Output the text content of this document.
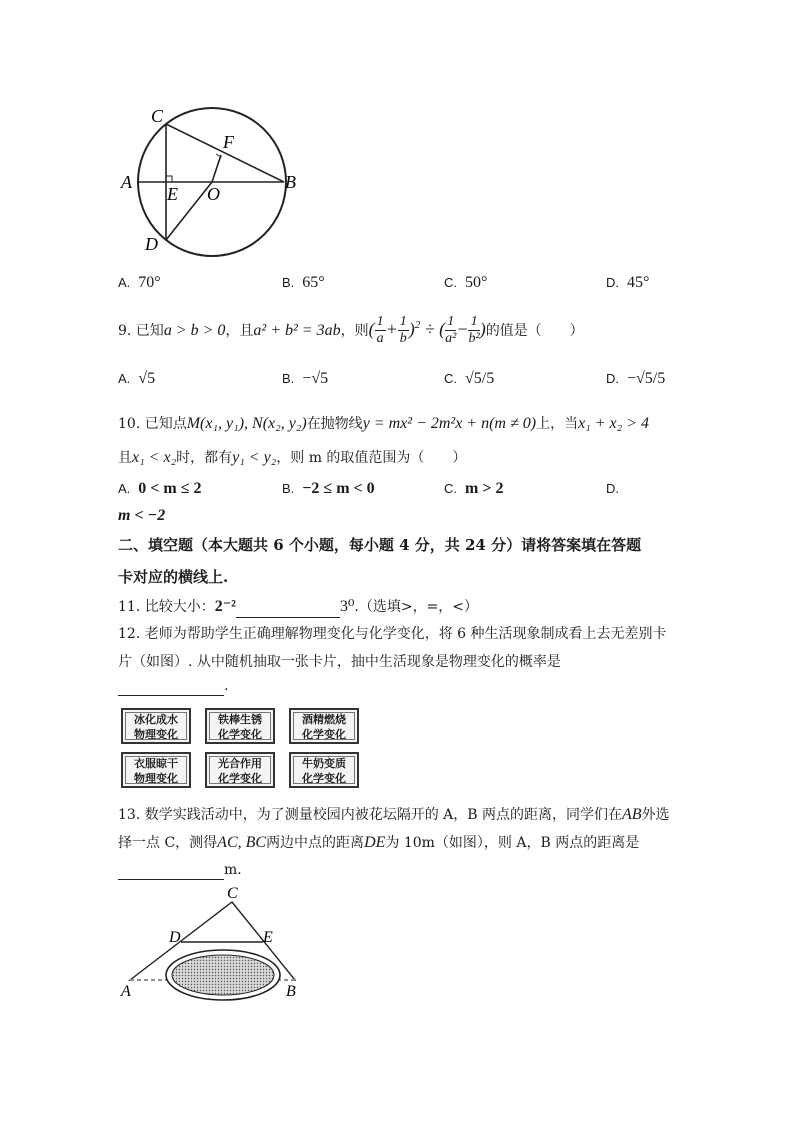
C
F
A
E O
B
D
A. 70°	B. 65°	C. 50°	D. 45°
9. 已知a > b > 0，且a² + b² = 3ab，则( $\frac{1}{a} + \frac{1}{b} )^2$ ÷ ( $\frac{1}{\text{a²}} - \frac{1}{\text{b²}}$ )的值是（　　）
A. √5	B. −√5	C. √5/5	D. −√5/5
10. 已知点M(x₁, y₁), N(x₂, y₂)在抛物线y = mx² − 2m²x + n(m ≠ 0)上，当x₁ + x₂ > 4
且x₁ < x₂时，都有y₁ < y₂，则 m 的取值范围为（　　）
A. 0 < m ≤ 2	B. −2 ≤ m < 0	C. m > 2	D.
m < −2
二、填空题（本大题共 6 个小题，每小题 4 分，共 24 分）请将答案填在答题
卡对应的横线上.
11. 比较大小：2⁻²	3⁰.（选填>，=，<）
12. 老师为帮助学生正确理解物理变化与化学变化，将 6 种生活现象制成看上去无差别卡
片（如图）. 从中随机抽取一张卡片，抽中生活现象是物理变化的概率是
.
冰化成水
物理变化
铁棒生锈
化学变化
酒精燃烧
化学变化
衣服晾干
物理变化
光合作用
化学变化
牛奶变质
化学变化
13. 数学实践活动中，为了测量校园内被花坛隔开的 A，B 两点的距离，同学们在AB外选
择一点 C，测得AC, BC两边中点的距离DE为 10m（如图），则 A，B 两点的距离是
m.
C
D	E
A	B
